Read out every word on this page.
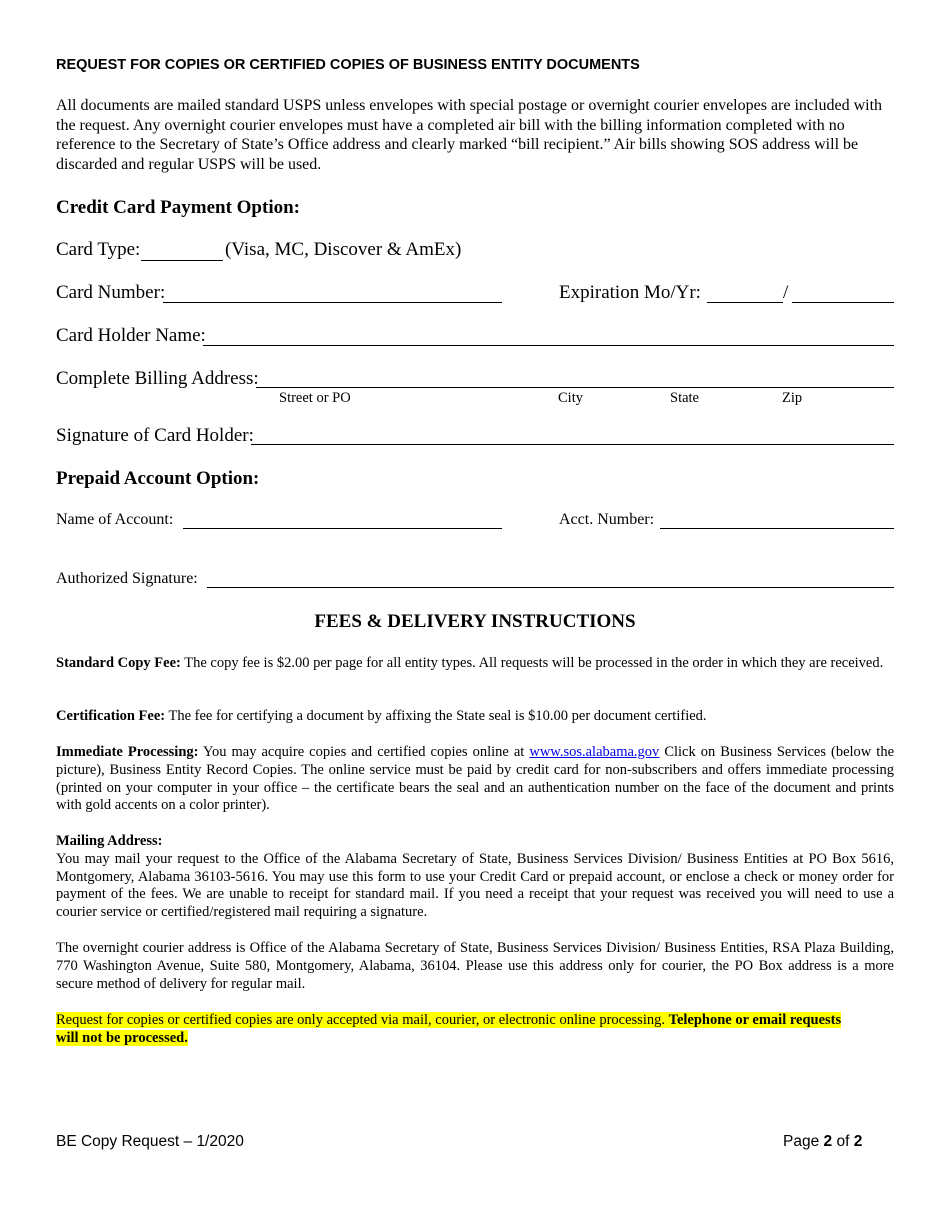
REQUEST FOR COPIES OR CERTIFIED COPIES OF BUSINESS ENTITY DOCUMENTS
All documents are mailed standard USPS unless envelopes with special postage or overnight courier envelopes are included with the request. Any overnight courier envelopes must have a completed air bill with the billing information completed with no reference to the Secretary of State’s Office address and clearly marked “bill recipient.” Air bills showing SOS address will be discarded and regular USPS will be used.
Credit Card Payment Option:
Card Type:	(Visa, MC, Discover & AmEx)
Card Number:	Expiration Mo/Yr:	/
Card Holder Name:
Complete Billing Address:
Street or PO	City	State	Zip
Signature of Card Holder:
Prepaid Account Option:
Name of Account:	Acct. Number:
Authorized Signature:
FEES & DELIVERY INSTRUCTIONS
Standard Copy Fee: The copy fee is $2.00 per page for all entity types. All requests will be processed in the order in which they are received.
Certification Fee: The fee for certifying a document by affixing the State seal is $10.00 per document certified.
Immediate Processing: You may acquire copies and certified copies online at www.sos.alabama.gov Click on Business Services (below the picture), Business Entity Record Copies. The online service must be paid by credit card for non-subscribers and offers immediate processing (printed on your computer in your office – the certificate bears the seal and an authentication number on the face of the document and prints with gold accents on a color printer).
Mailing Address:
You may mail your request to the Office of the Alabama Secretary of State, Business Services Division/ Business Entities at PO Box 5616, Montgomery, Alabama 36103-5616. You may use this form to use your Credit Card or prepaid account, or enclose a check or money order for payment of the fees. We are unable to receipt for standard mail. If you need a receipt that your request was received you will need to use a courier service or certified/registered mail requiring a signature.
The overnight courier address is Office of the Alabama Secretary of State, Business Services Division/ Business Entities, RSA Plaza Building, 770 Washington Avenue, Suite 580, Montgomery, Alabama, 36104. Please use this address only for courier, the PO Box address is a more secure method of delivery for regular mail.
Request for copies or certified copies are only accepted via mail, courier, or electronic online processing. Telephone or email requests will not be processed.
BE Copy Request – 1/2020	Page 2 of 2
